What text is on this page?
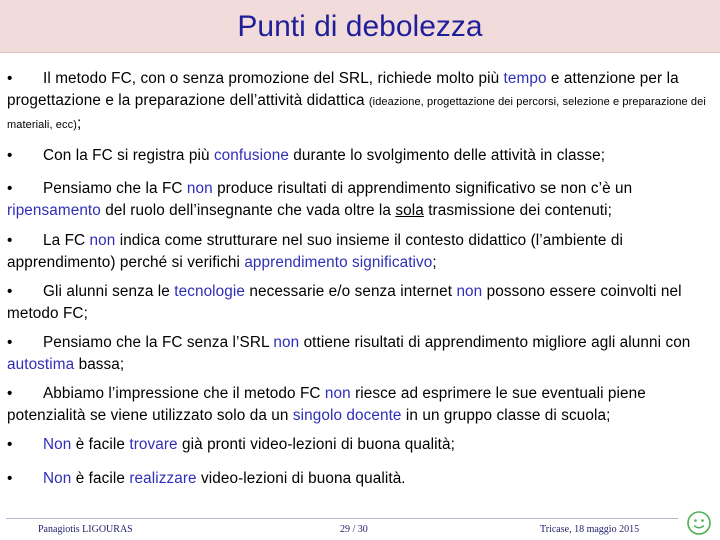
Punti di debolezza
• Il metodo FC, con o senza promozione del SRL, richiede molto più tempo e attenzione per la progettazione e la preparazione dell’attività didattica (ideazione, progettazione dei percorsi, selezione e preparazione dei materiali, ecc);
• Con la FC si registra più confusione durante lo svolgimento delle attività in classe;
• Pensiamo che la FC non produce risultati di apprendimento significativo se non c’è un ripensamento del ruolo dell’insegnante che vada oltre la sola trasmissione dei contenuti;
• La FC non indica come strutturare nel suo insieme il contesto didattico (l’ambiente di apprendimento) perché si verifichi apprendimento significativo;
• Gli alunni senza le tecnologie necessarie e/o senza internet non possono essere coinvolti nel metodo FC;
• Pensiamo che la FC senza l’SRL non ottiene risultati di apprendimento migliore agli alunni con autostima bassa;
• Abbiamo l’impressione che il metodo FC non riesce ad esprimere le sue eventuali piene potenzialità se viene utilizzato solo da un singolo docente in un gruppo classe di scuola;
• Non è facile trovare già pronti video-lezioni di buona qualità;
• Non è facile realizzare video-lezioni di buona qualità.
Panagiotis LIGOURAS	29 / 30	Tricase, 18 maggio 2015
